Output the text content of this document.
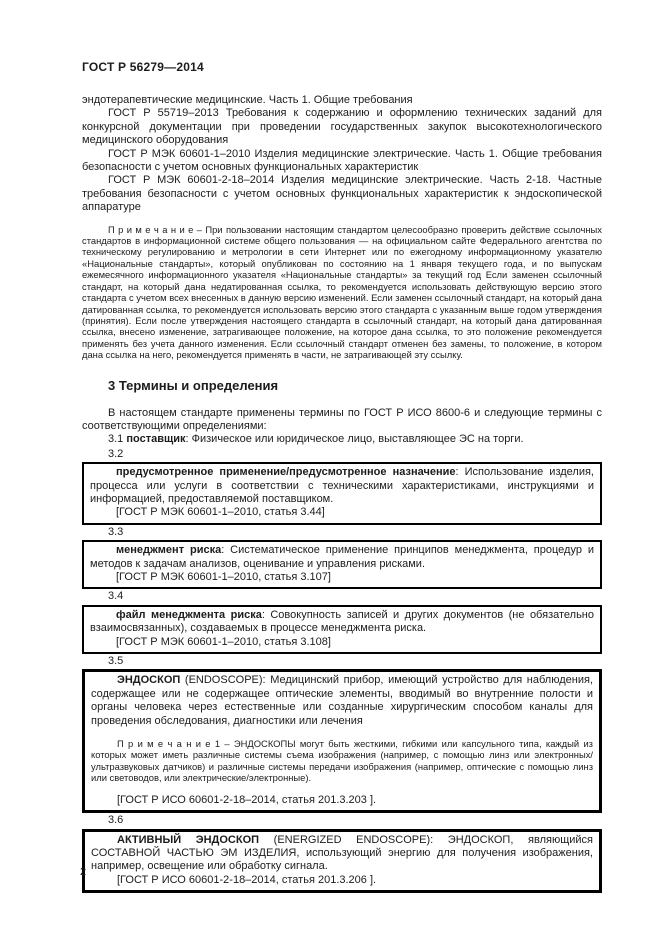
ГОСТ Р 56279—2014

эндотерапевтические медицинские. Часть 1. Общие требования

ГОСТ Р 55719–2013 Требования к содержанию и оформлению технических заданий для конкурсной документации при проведении государственных закупок высокотехнологического медицинского оборудования

ГОСТ Р МЭК 60601-1–2010 Изделия медицинские электрические. Часть 1. Общие требования безопасности с учетом основных функциональных характеристик

ГОСТ Р МЭК 60601-2-18–2014 Изделия медицинские электрические. Часть 2-18. Частные требования безопасности с учетом основных функциональных характеристик к эндоскопической аппаратуре

П р и м е ч а н и е – При пользовании настоящим стандартом целесообразно проверить действие ссылочных стандартов в информационной системе общего пользования — на официальном сайте Федерального агентства по техническому регулированию и метрологии в сети Интернет или по ежегодному информационному указателю «Национальные стандарты», который опубликован по состоянию на 1 января текущего года, и по выпускам ежемесячного информационного указателя «Национальные стандарты» за текущий год Если заменен ссылочный стандарт, на который дана недатированная ссылка, то рекомендуется использовать действующую версию этого стандарта с учетом всех внесенных в данную версию изменений. Если заменен ссылочный стандарт, на который дана датированная ссылка, то рекомендуется использовать версию этого стандарта с указанным выше годом утверждения (принятия). Если после утверждения настоящего стандарта в ссылочный стандарт, на который дана датированная ссылка, внесено изменение, затрагивающее положение, на которое дана ссылка, то это положение рекомендуется применять без учета данного изменения. Если ссылочный стандарт отменен без замены, то положение, в котором дана ссылка на него, рекомендуется применять в части, не затрагивающей эту ссылку.

3 Термины и определения

В настоящем стандарте применены термины по ГОСТ Р ИСО 8600-6 и следующие термины с соответствующими определениями:

3.1 поставщик: Физическое или юридическое лицо, выставляющее ЭС на торги.

3.2

предусмотренное применение/предусмотренное назначение: Использование изделия, процесса или услуги в соответствии с техническими характеристиками, инструкциями и информацией, предоставляемой поставщиком.

[ГОСТ Р МЭК 60601-1–2010, статья 3.44]

3.3

менеджмент риска: Систематическое применение принципов менеджмента, процедур и методов к задачам анализов, оценивание и управления рисками.

[ГОСТ Р МЭК 60601-1–2010, статья 3.107]

3.4

файл менеджмента риска: Совокупность записей и других документов (не обязательно взаимосвязанных), создаваемых в процессе менеджмента риска.

[ГОСТ Р МЭК 60601-1–2010, статья 3.108]

3.5

ЭНДОСКОП (ENDOSCOPE): Медицинский прибор, имеющий устройство для наблюдения, содержащее или не содержащее оптические элементы, вводимый во внутренние полости и органы человека через естественные или созданные хирургическим способом каналы для проведения обследования, диагностики или лечения

П р и м е ч а н и е 1 – ЭНДОСКОПЫ могут быть жесткими, гибкими или капсульного типа, каждый из которых может иметь различные системы съема изображения (например, с помощью линз или электронных/ультразвуковых датчиков) и различные системы передачи изображения (например, оптические с помощью линз или световодов, или электрические/электронные).

[ГОСТ Р ИСО 60601-2-18–2014, статья 201.3.203 ].

3.6

АКТИВНЫЙ ЭНДОСКОП (ENERGIZED ENDOSCOPE): ЭНДОСКОП, являющийся СОСТАВНОЙ ЧАСТЬЮ ЭМ ИЗДЕЛИЯ, использующий энергию для получения изображения, например, освещение или обработку сигнала.

[ГОСТ Р ИСО 60601-2-18–2014, статья 201.3.206 ].

2
